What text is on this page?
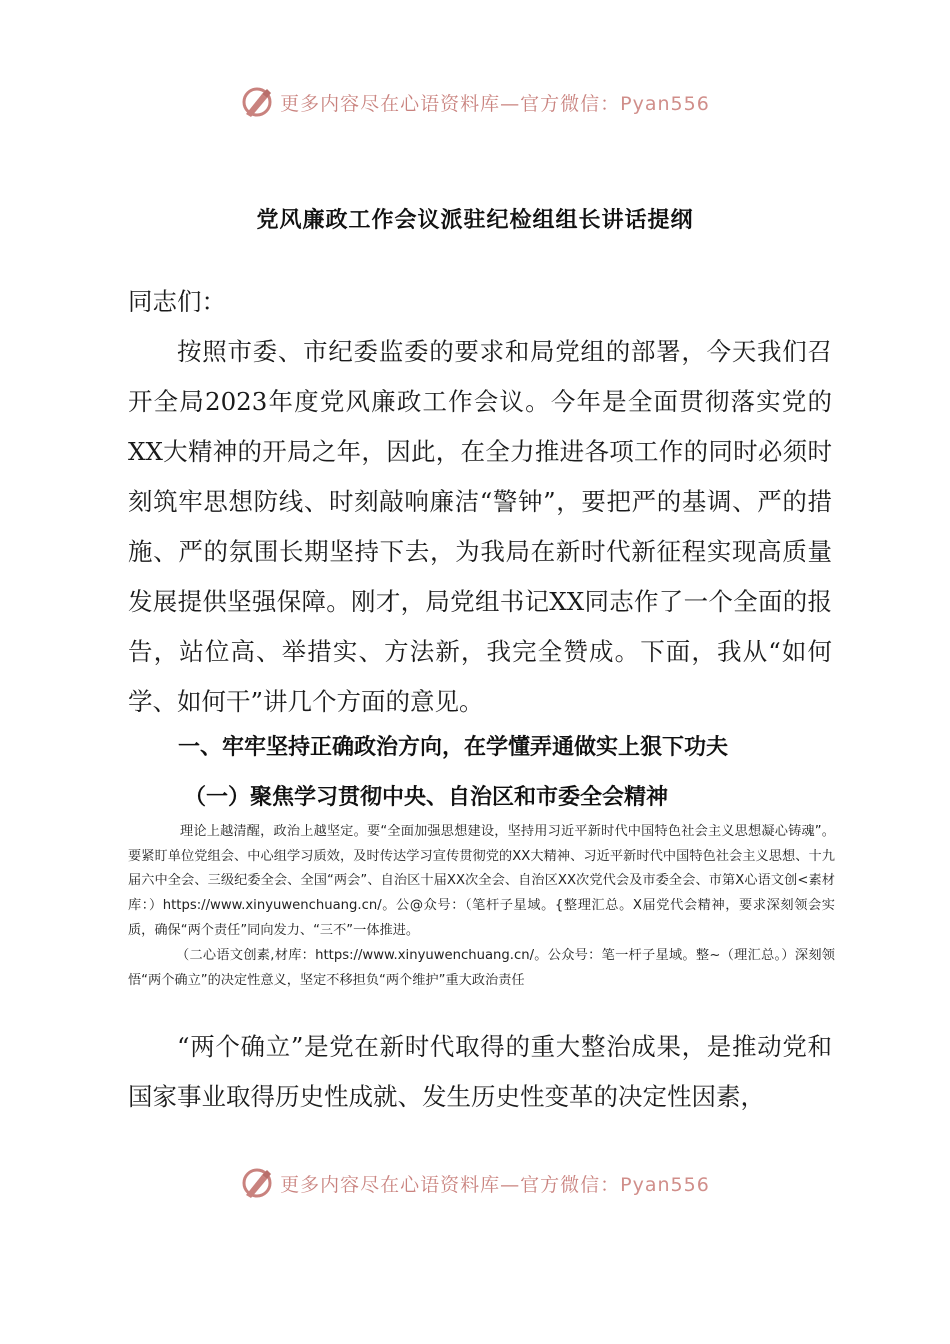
更多内容尽在心语资料库—官方微信：Pyan556
党风廉政工作会议派驻纪检组组长讲话提纲
同志们：
按照市委、市纪委监委的要求和局党组的部署，今天我们召开全局2023年度党风廉政工作会议。今年是全面贯彻落实党的XX大精神的开局之年，因此，在全力推进各项工作的同时必须时刻筑牢思想防线、时刻敲响廉洁“警钟”，要把严的基调、严的措施、严的氛围长期坚持下去，为我局在新时代新征程实现高质量发展提供坚强保障。刚才，局党组书记XX同志作了一个全面的报告，站位高、举措实、方法新，我完全赞成。下面，我从“如何学、如何干”讲几个方面的意见。
一、牢牢坚持正确政治方向，在学懂弄通做实上狠下功夫
（一）聚焦学习贯彻中央、自治区和市委全会精神
理论上越清醒，政治上越坚定。要“全面加强思想建设，坚持用习近平新时代中国特色社会主义思想凝心铸魂”。要紧盯单位党组会、中心组学习质效，及时传达学习宣传贯彻党的XX大精神、习近平新时代中国特色社会主义思想、十九届六中全会、三级纪委全会、全国“两会”、自治区十届XX次全会、自治区XX次党代会及市委全会、市第X心语文创<素材库：）https://www.xinyuwenchuang.cn/。公@众号：（笔杆子星域。{整理汇总。X届党代会精神，要求深刻领会实质，确保“两个责任”同向发力、“三不”一体推进。
（二心语文创素,材库：https://www.xinyuwenchuang.cn/。公众号：笔一杆子星域。整~（理汇总。）深刻领悟“两个确立”的决定性意义，坚定不移担负“两个维护”重大政治责任
“两个确立”是党在新时代取得的重大整治成果，是推动党和国家事业取得历史性成就、发生历史性变革的决定性因素，
更多内容尽在心语资料库—官方微信：Pyan556
